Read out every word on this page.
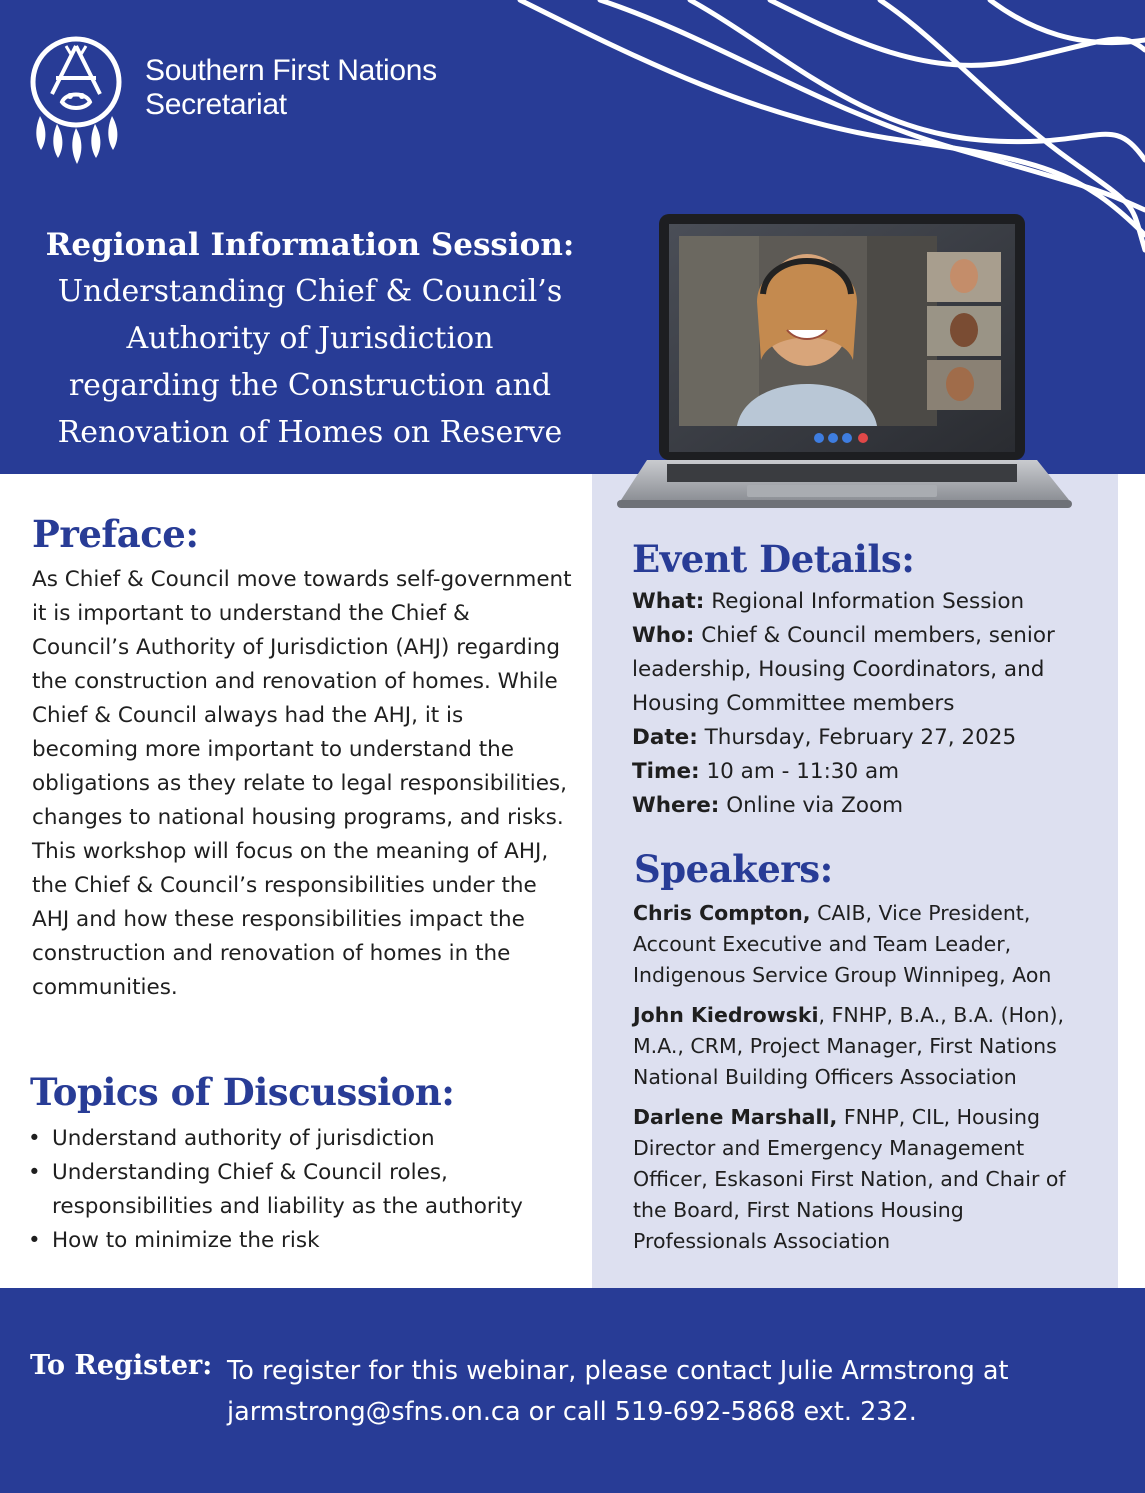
Southern First Nations
Secretariat
Regional Information Session:
Understanding Chief & Council’s
Authority of Jurisdiction
regarding the Construction and
Renovation of Homes on Reserve
Preface:
As Chief & Council move towards self-government it is important to understand the Chief & Council’s Authority of Jurisdiction (AHJ) regarding the construction and renovation of homes. While Chief & Council always had the AHJ, it is becoming more important to understand the obligations as they relate to legal responsibilities, changes to national housing programs, and risks. This workshop will focus on the meaning of AHJ, the Chief & Council’s responsibilities under the AHJ and how these responsibilities impact the construction and renovation of homes in the communities.
Topics of Discussion:
• Understand authority of jurisdiction
• Understanding Chief & Council roles, responsibilities and liability as the authority
• How to minimize the risk
Event Details:
What: Regional Information Session
Who: Chief & Council members, senior leadership, Housing Coordinators, and Housing Committee members
Date: Thursday, February 27, 2025
Time: 10 am - 11:30 am
Where: Online via Zoom
Speakers:
Chris Compton, CAIB, Vice President, Account Executive and Team Leader, Indigenous Service Group Winnipeg, Aon
John Kiedrowski, FNHP, B.A., B.A. (Hon), M.A., CRM, Project Manager, First Nations National Building Officers Association
Darlene Marshall, FNHP, CIL, Housing Director and Emergency Management Officer, Eskasoni First Nation, and Chair of the Board, First Nations Housing Professionals Association
To Register: To register for this webinar, please contact Julie Armstrong at
jarmstrong@sfns.on.ca or call 519-692-5868 ext. 232.
